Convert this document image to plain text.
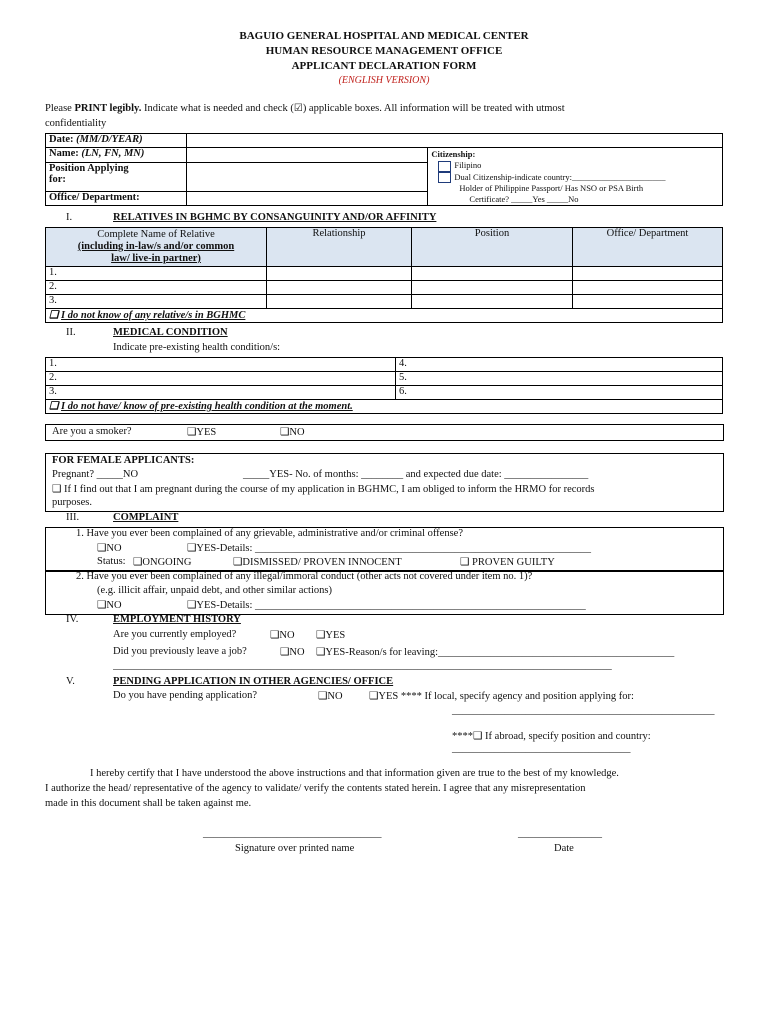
BAGUIO GENERAL HOSPITAL AND MEDICAL CENTER
HUMAN RESOURCE MANAGEMENT OFFICE
APPLICANT DECLARATION FORM
(ENGLISH VERSION)
Please PRINT legibly. Indicate what is needed and check (☑) applicable boxes. All information will be treated with utmost
confidentiality
Date: (MM/D/YEAR)		
Name: (LN, FN, MN)		Citizenship:
Filipino
Dual Citizenship-indicate country:______________________
Holder of Philippine Passport/ Has NSO or PSA Birth
Certificate? _____Yes _____No

Position Applying
for:		

Office/ Department:		
I.	RELATIVES IN BGHMC BY CONSANGUINITY AND/OR AFFINITY
Complete Name of Relative
(including in-law/s and/or common
law/ live-in partner)	Relationship	Position	Office/ Department
1.			
2.			
3.			
❑ I do not know of any relative/s in BGHMC			
II.	MEDICAL CONDITION
Indicate pre-existing health condition/s:
1.	4.
2.	5.
3.	6.
❑ I do not have/ know of pre-existing health condition at the moment.	
Are you a smoker?	❑YES	❑NO
FOR FEMALE APPLICANTS:
Pregnant? _____NO	_____YES- No. of months: ________ and expected due date: ________________
❑ If I find out that I am pregnant during the course of my application in BGHMC, I am obliged to inform the HRMO for records
purposes.
III.	COMPLAINT
1. Have you ever been complained of any grievable, administrative and/or criminal offense?
❑NO	❑YES-Details: ________________________________________________________________
Status: ❑ONGOING	❑DISMISSED/ PROVEN INNOCENT	❑ PROVEN GUILTY
2. Have you ever been complained of any illegal/immoral conduct (other acts not covered under item no. 1)?
(e.g. illicit affair, unpaid debt, and other similar actions)
❑NO	❑YES-Details: _______________________________________________________________
IV.	EMPLOYMENT HISTORY
Are you currently employed?	❑NO ❑YES
Did you previously leave a job?	❑NO ❑YES-Reason/s for leaving:_____________________________________________
_______________________________________________________________________________________________
V.	PENDING APPLICATION IN OTHER AGENCIES/ OFFICE
Do you have pending application?	❑NO	❑YES **** If local, specify agency and position applying for:
__________________________________________________
****❑ If abroad, specify position and country:
__________________________________
I hereby certify that I have understood the above instructions and that information given are true to the best of my knowledge.
I authorize the head/ representative of the agency to validate/ verify the contents stated herein. I agree that any misrepresentation
made in this document shall be taken against me.
__________________________________
Signature over printed name
________________
Date
